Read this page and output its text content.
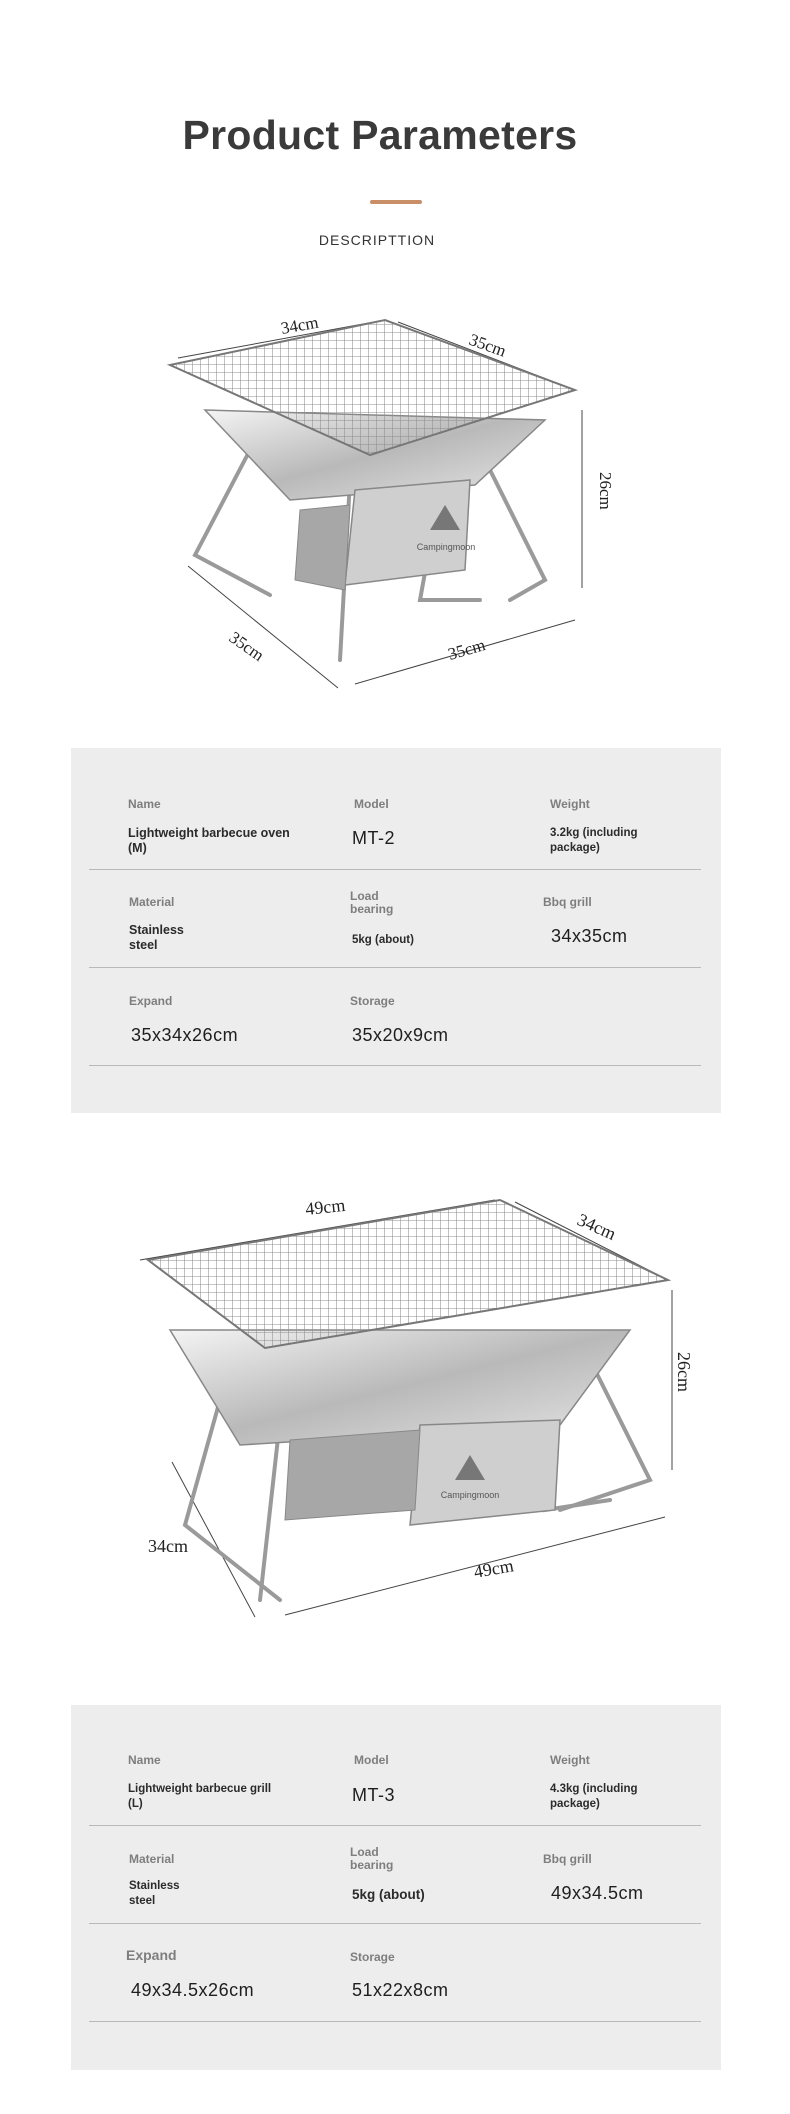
Product Parameters
DESCRIPTTION
Campingmoon
34cm
35cm
26cm
35cm	35cm
Name
Lightweight barbecue oven (M)
Model
MT-2
Weight
3.2kg (including package)
Material
Stainless steel
Load bearing
5kg (about)
Bbq grill
34x35cm
Expand
35x34x26cm
Storage
35x20x9cm
Campingmoon
49cm
34cm
26cm
34cm
49cm
Name
Lightweight barbecue grill (L)
Model
MT-3
Weight
4.3kg (including package)
Material
Stainless steel
Load bearing
5kg (about)
Bbq grill
49x34.5cm
Expand
49x34.5x26cm
Storage
51x22x8cm
